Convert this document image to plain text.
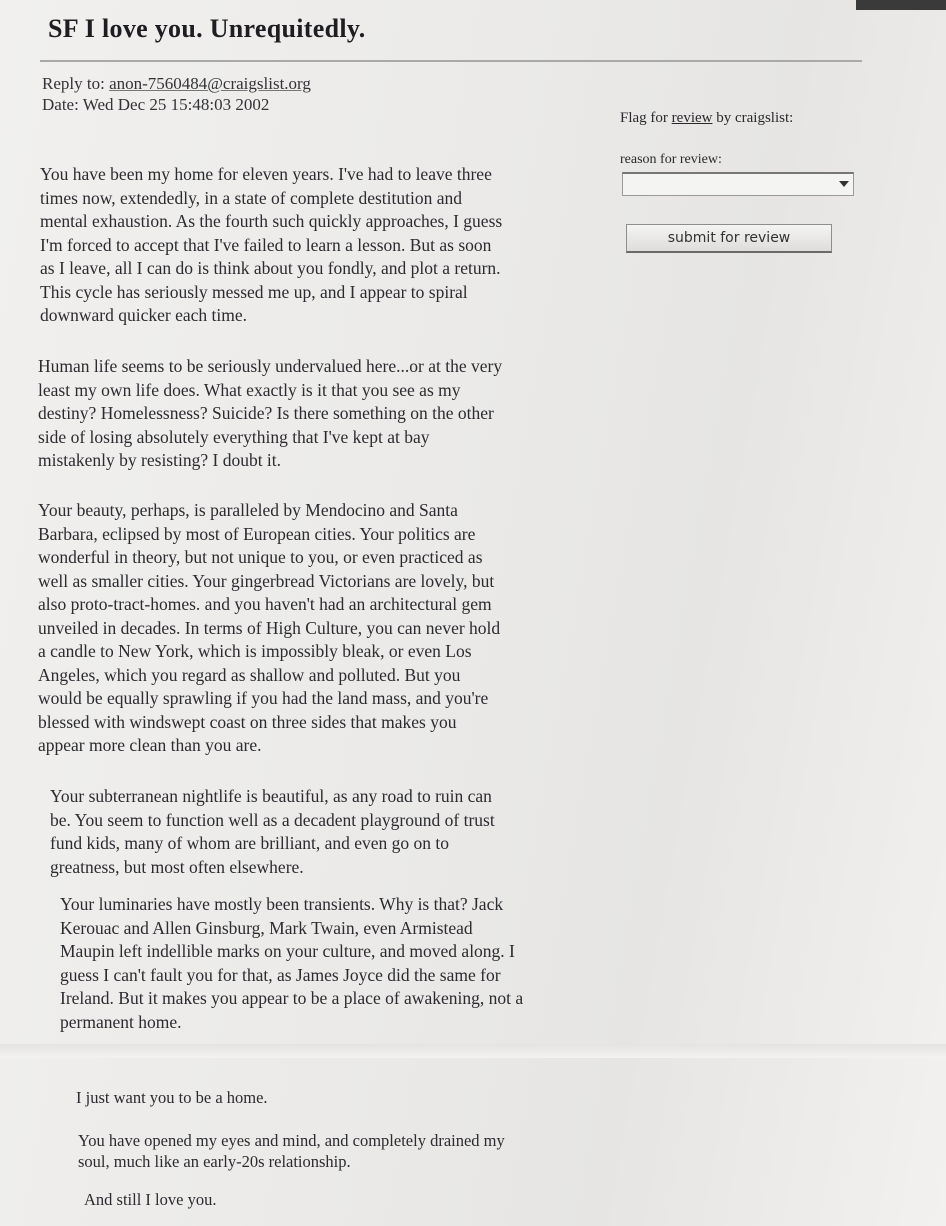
SF I love you. Unrequitedly.
Reply to: anon-7560484@craigslist.org
Date: Wed Dec 25 15:48:03 2002
Flag for review by craigslist:
reason for review:
submit for review
You have been my home for eleven years. I've had to leave three
times now, extendedly, in a state of complete destitution and
mental exhaustion. As the fourth such quickly approaches, I guess
I'm forced to accept that I've failed to learn a lesson. But as soon
as I leave, all I can do is think about you fondly, and plot a return.
This cycle has seriously messed me up, and I appear to spiral
downward quicker each time.
Human life seems to be seriously undervalued here...or at the very
least my own life does. What exactly is it that you see as my
destiny? Homelessness? Suicide? Is there something on the other
side of losing absolutely everything that I've kept at bay
mistakenly by resisting? I doubt it.
Your beauty, perhaps, is paralleled by Mendocino and Santa
Barbara, eclipsed by most of European cities. Your politics are
wonderful in theory, but not unique to you, or even practiced as
well as smaller cities. Your gingerbread Victorians are lovely, but
also proto-tract-homes. and you haven't had an architectural gem
unveiled in decades. In terms of High Culture, you can never hold
a candle to New York, which is impossibly bleak, or even Los
Angeles, which you regard as shallow and polluted. But you
would be equally sprawling if you had the land mass, and you're
blessed with windswept coast on three sides that makes you
appear more clean than you are.
Your subterranean nightlife is beautiful, as any road to ruin can
be. You seem to function well as a decadent playground of trust
fund kids, many of whom are brilliant, and even go on to
greatness, but most often elsewhere.
Your luminaries have mostly been transients. Why is that? Jack
Kerouac and Allen Ginsburg, Mark Twain, even Armistead
Maupin left indellible marks on your culture, and moved along. I
guess I can't fault you for that, as James Joyce did the same for
Ireland. But it makes you appear to be a place of awakening, not a
permanent home.
I just want you to be a home.
You have opened my eyes and mind, and completely drained my
soul, much like an early-20s relationship.
And still I love you.
